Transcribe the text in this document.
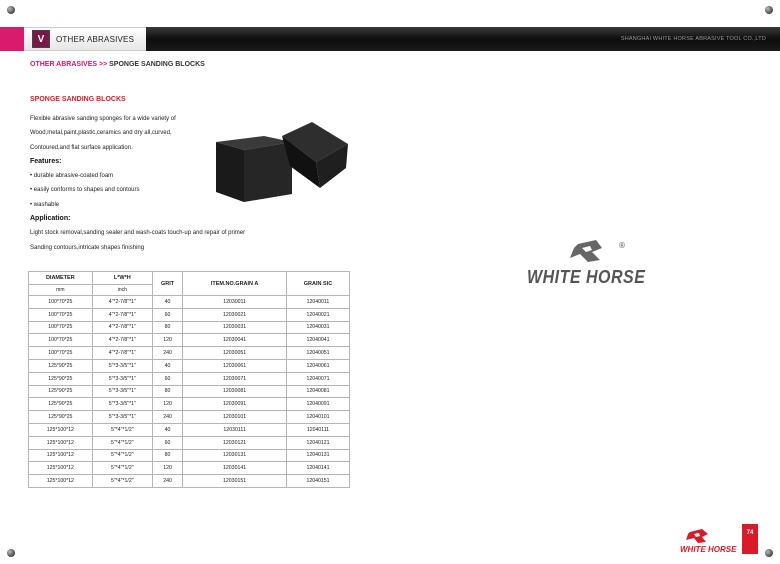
V	OTHER ABRASIVES	SHANGHAI WHITE HORSE ABRASIVE TOOL CO.,LTD
OTHER ABRASIVES >> SPONGE SANDING BLOCKS
SPONGE SANDING BLOCKS
Flexible abrasive sanding sponges for a wide variety of
Wood,metal,paint,plastic,ceramics and dry all,curved,
Contoured,and flat surface application.
Features:
• durable abrasive-coated foam
• easily conforms to shapes and contours
• washable
Application:
Light stock removal,sanding sealer and wash-coats touch-up and repair of primer
Sanding contours,intricate shapes finishing	®
WHITE HORSE
DIAMETER	L*W*H	GRIT	ITEM.NO.GRAIN A	GRAIN SIC
mm	inch			
100*70*25	4"*2-7/8"*1"	40	12030011	12040011
100*70*25	4"*2-7/8"*1"	60	12030021	12040021
100*70*25	4"*2-7/8"*1"	80	12030031	12040031
100*70*25	4"*2-7/8"*1"	120	12030041	12040041
100*70*25	4"*2-7/8"*1"	240	12030051	12040051
125*90*25	5"*3-3/5"*1"	40	12030061	12040061
125*90*25	5"*3-3/5"*1"	60	12030071	12040071
125*90*25	5"*3-3/5"*1"	80	12030081	12040081
125*90*25	5"*3-3/5"*1"	120	12030091	12040091
125*90*25	5"*3-3/5"*1"	240	12030101	12040101
125*100*12	5"*4"*1/2"	40	12030111	12040111
125*100*12	5"*4"*1/2"	60	12030121	12040121
125*100*12	5"*4"*1/2"	80	12030131	12040131
125*100*12	5"*4"*1/2"	120	12030141	12040141
125*100*12	5"*4"*1/2"	240	12030151	12040151
WHITE HORSE
74
